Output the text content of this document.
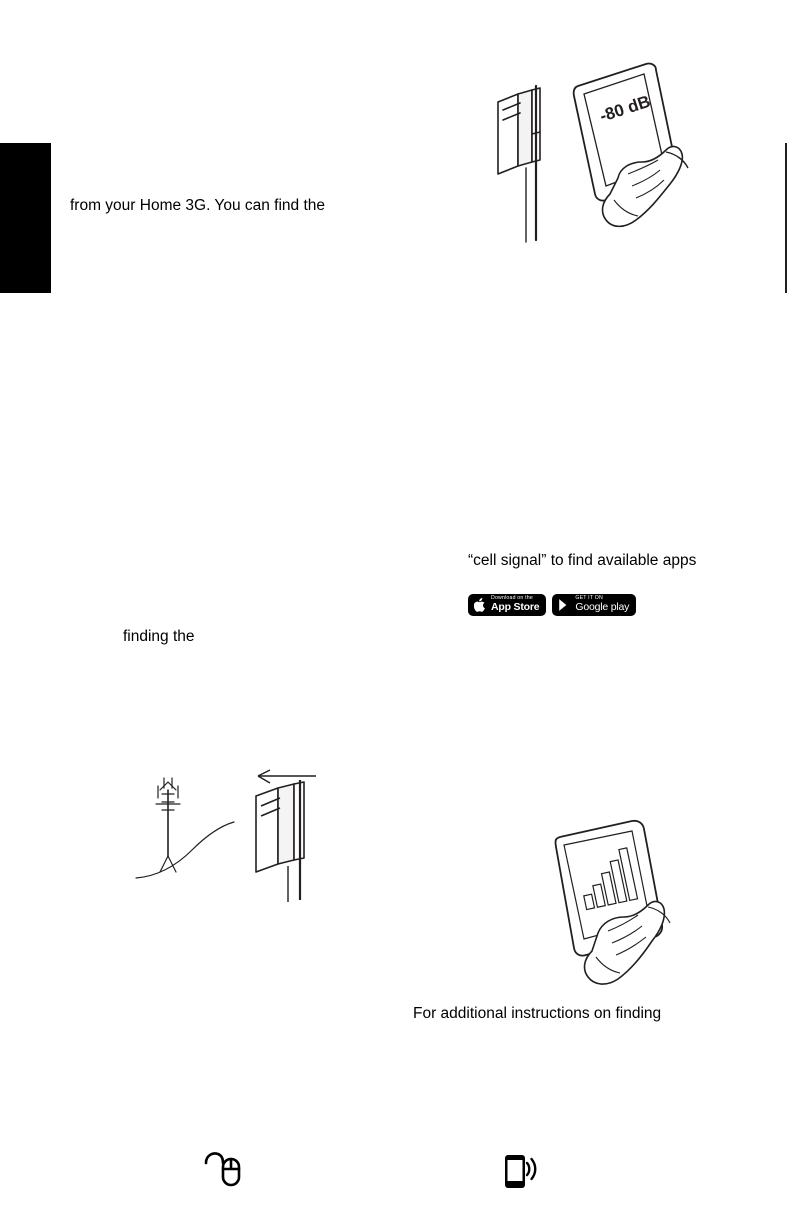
from your Home 3G. You can find the
“cell signal” to find available apps
finding the
For additional instructions on finding
-80 dB
Download on the
App Store
GET IT ON
Google play
